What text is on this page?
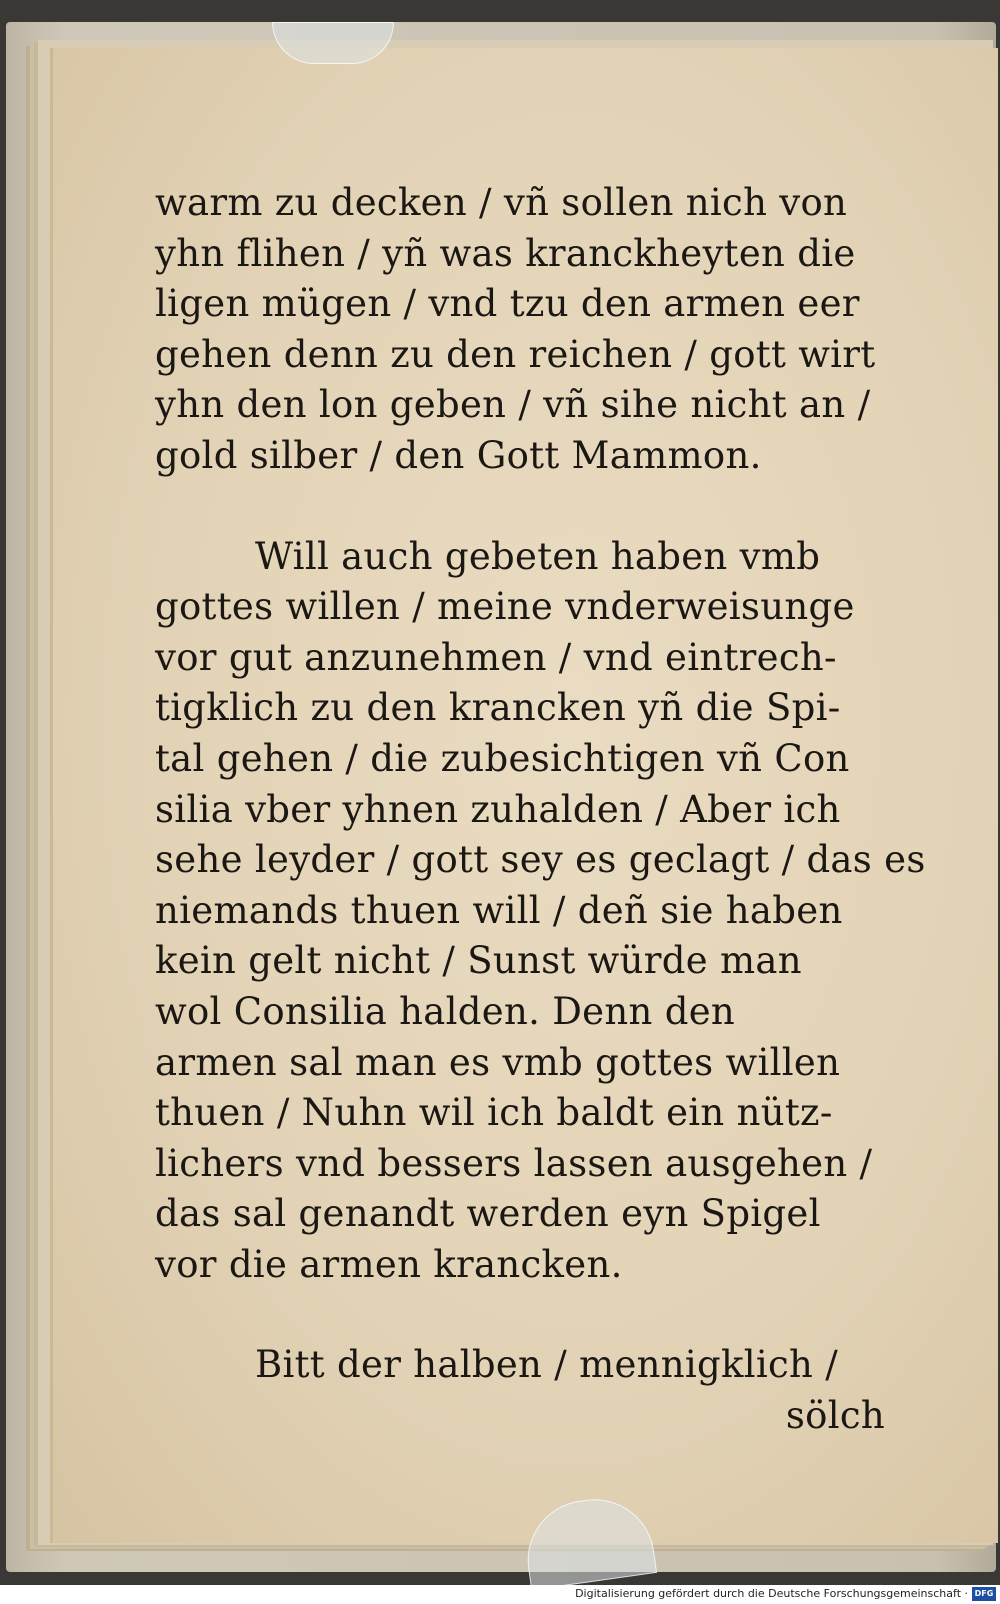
warm zu decken / vñ sollen nich von
yhn flihen / yñ was kranckheyten die
ligen mügen / vnd tzu den armen eer
gehen denn zu den reichen / gott wirt
yhn den lon geben / vñ sihe nicht an /
gold silber / den Gott Mammon.
Will auch gebeten haben vmb
gottes willen / meine vnderweisunge
vor gut anzunehmen / vnd eintrech-
tigklich zu den krancken yñ die Spi-
tal gehen / die zubesichtigen vñ Con
silia vber yhnen zuhalden / Aber ich
sehe leyder / gott sey es geclagt / das es
niemands thuen will / deñ sie haben
kein gelt nicht / Sunst würde man
wol Consilia halden. Denn den
armen sal man es vmb gottes willen
thuen / Nuhn wil ich baldt ein nütz-
lichers vnd bessers lassen ausgehen /
das sal genandt werden eyn Spigel
vor die armen krancken.
Bitt der halben / mennigklich /
sölch
Digitalisierung gefördert durch die Deutsche Forschungsgemeinschaft · DFG
